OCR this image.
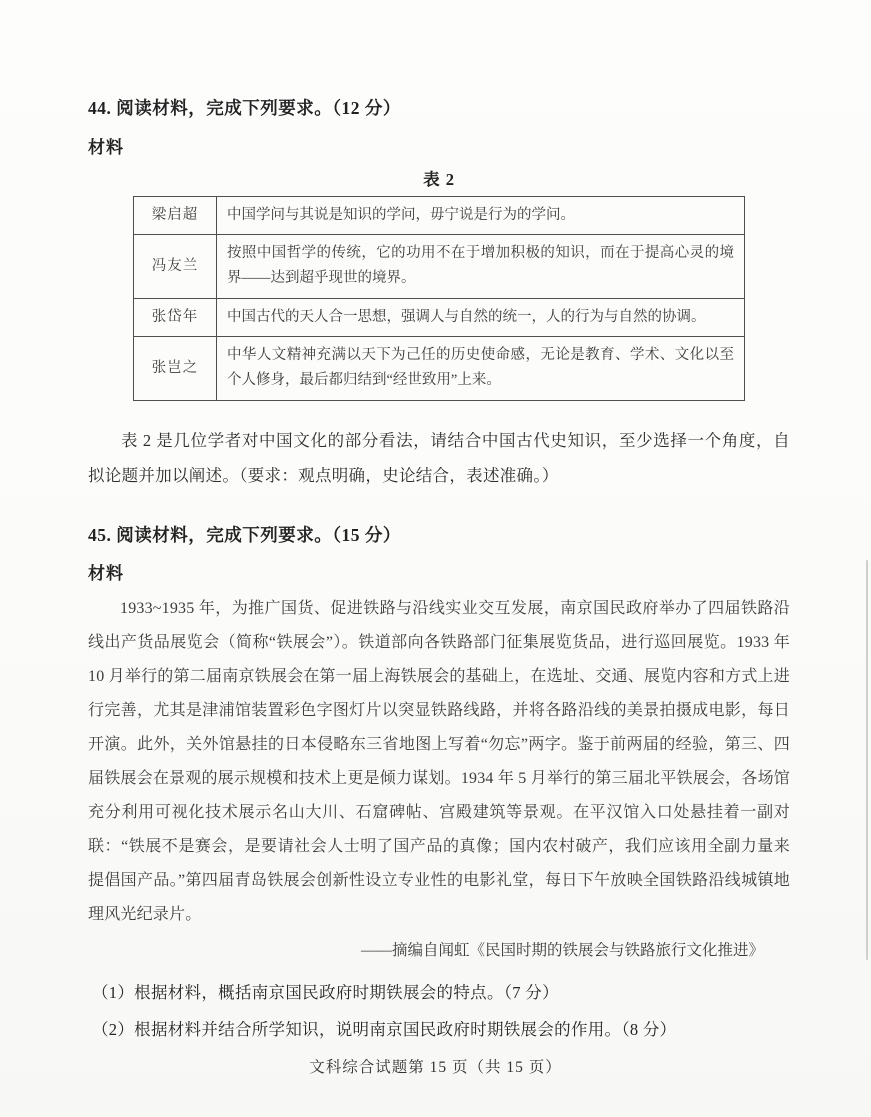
44. 阅读材料，完成下列要求。（12 分）
材料
表 2
梁启超	中国学问与其说是知识的学问，毋宁说是行为的学问。
冯友兰	按照中国哲学的传统，它的功用不在于增加积极的知识，而在于提高心灵的境界——达到超乎现世的境界。
张岱年	中国古代的天人合一思想，强调人与自然的统一，人的行为与自然的协调。
张岂之	中华人文精神充满以天下为己任的历史使命感，无论是教育、学术、文化以至个人修身，最后都归结到“经世致用”上来。
表 2 是几位学者对中国文化的部分看法，请结合中国古代史知识，至少选择一个角度，自拟论题并加以阐述。（要求：观点明确，史论结合，表述准确。）
45. 阅读材料，完成下列要求。（15 分）
材料
1933~1935 年，为推广国货、促进铁路与沿线实业交互发展，南京国民政府举办了四届铁路沿线出产货品展览会（简称“铁展会”）。铁道部向各铁路部门征集展览货品，进行巡回展览。1933 年 10 月举行的第二届南京铁展会在第一届上海铁展会的基础上，在选址、交通、展览内容和方式上进行完善，尤其是津浦馆装置彩色字图灯片以突显铁路线路，并将各路沿线的美景拍摄成电影，每日开演。此外，关外馆悬挂的日本侵略东三省地图上写着“勿忘”两字。鉴于前两届的经验，第三、四届铁展会在景观的展示规模和技术上更是倾力谋划。1934 年 5 月举行的第三届北平铁展会，各场馆充分利用可视化技术展示名山大川、石窟碑帖、宫殿建筑等景观。在平汉馆入口处悬挂着一副对联：“铁展不是赛会，是要请社会人士明了国产品的真像；国内农村破产，我们应该用全副力量来提倡国产品。”第四届青岛铁展会创新性设立专业性的电影礼堂，每日下午放映全国铁路沿线城镇地理风光纪录片。
——摘编自闻虹《民国时期的铁展会与铁路旅行文化推进》
（1）根据材料，概括南京国民政府时期铁展会的特点。（7 分）
（2）根据材料并结合所学知识，说明南京国民政府时期铁展会的作用。（8 分）
文科综合试题第 15 页（共 15 页）
